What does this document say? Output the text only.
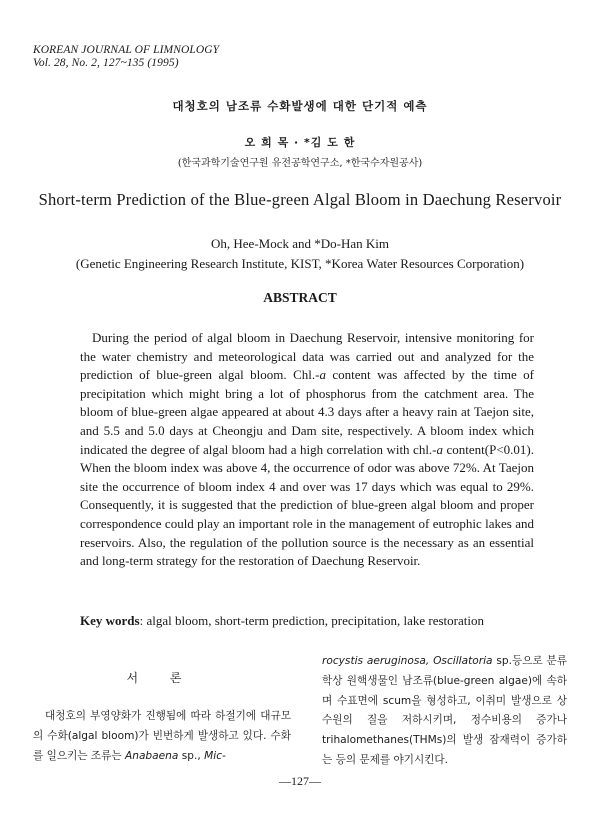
KOREAN JOURNAL OF LIMNOLOGY
Vol. 28, No. 2, 127~135 (1995)
대청호의 남조류 수화발생에 대한 단기적 예측
오 희 목 · *김 도 한
(한국과학기술연구원 유전공학연구소, *한국수자원공사)
Short-term Prediction of the Blue-green Algal Bloom in Daechung Reservoir
Oh, Hee-Mock and *Do-Han Kim
(Genetic Engineering Research Institute, KIST, *Korea Water Resources Corporation)
ABSTRACT

During the period of algal bloom in Daechung Reservoir, intensive monitoring for the water chemistry and meteorological data was carried out and analyzed for the prediction of blue-green algal bloom. Chl.-a content was affected by the time of precipitation which might bring a lot of phosphorus from the catchment area. The bloom of blue-green algae appeared at about 4.3 days after a heavy rain at Taejon site, and 5.5 and 5.0 days at Cheongju and Dam site, respectively. A bloom index which indicated the degree of algal bloom had a high correlation with chl.-a content(P<0.01). When the bloom index was above 4, the occurrence of odor was above 72%. At Taejon site the occurrence of bloom index 4 and over was 17 days which was equal to 29%. Consequently, it is suggested that the prediction of blue-green algal bloom and proper correspondence could play an important role in the management of eutrophic lakes and reservoirs. Also, the regulation of the pollution source is the necessary as an essential and long-term strategy for the restoration of Daechung Reservoir.

Key words: algal bloom, short-term prediction, precipitation, lake restoration
서 론

대청호의 부영양화가 진행됨에 따라 하절기에 대규모의 수화(algal bloom)가 빈번하게 발생하고 있다. 수화를 일으키는 조류는 Anabaena sp., Mic-

rocystis aeruginosa, Oscillatoria sp.등으로 분류학상 원핵생물인 남조류(blue-green algae)에 속하며 수표면에 scum을 형성하고, 이취미 발생으로 상수원의 질을 저하시키며, 정수비용의 증가나 trihalomethanes(THMs)의 발생 잠재력이 증가하는 등의 문제를 야기시킨다.

—127—
